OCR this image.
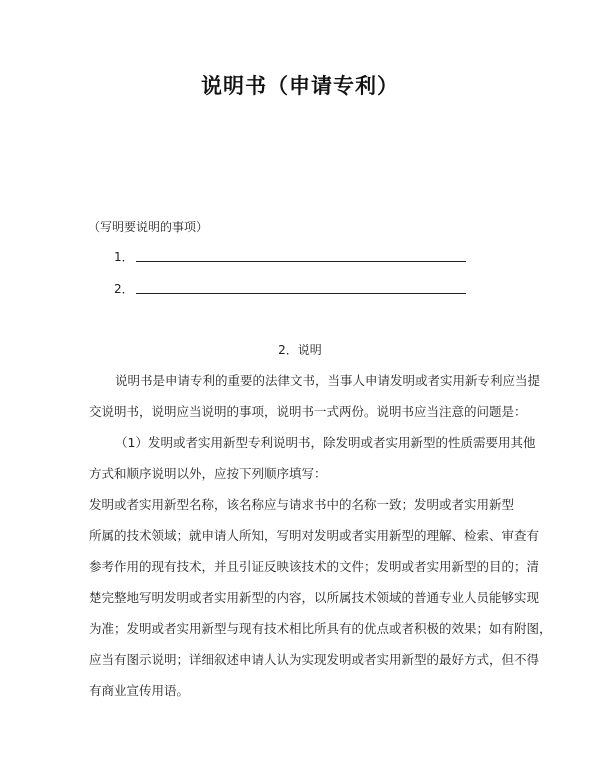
说明书（申请专利）
（写明要说明的事项）
1．
2．
2．说明
说明书是申请专利的重要的法律文书，当事人申请发明或者实用新专利应当提
交说明书，说明应当说明的事项，说明书一式两份。说明书应当注意的问题是：
（1）发明或者实用新型专利说明书，除发明或者实用新型的性质需要用其他
方式和顺序说明以外，应按下列顺序填写：
发明或者实用新型名称，该名称应与请求书中的名称一致；发明或者实用新型
所属的技术领域；就申请人所知，写明对发明或者实用新型的理解、检索、审查有
参考作用的现有技术，并且引证反映该技术的文件；发明或者实用新型的目的；清
楚完整地写明发明或者实用新型的内容，以所属技术领域的普通专业人员能够实现
为准；发明或者实用新型与现有技术相比所具有的优点或者积极的效果；如有附图，
应当有图示说明；详细叙述申请人认为实现发明或者实用新型的最好方式，但不得
有商业宣传用语。
